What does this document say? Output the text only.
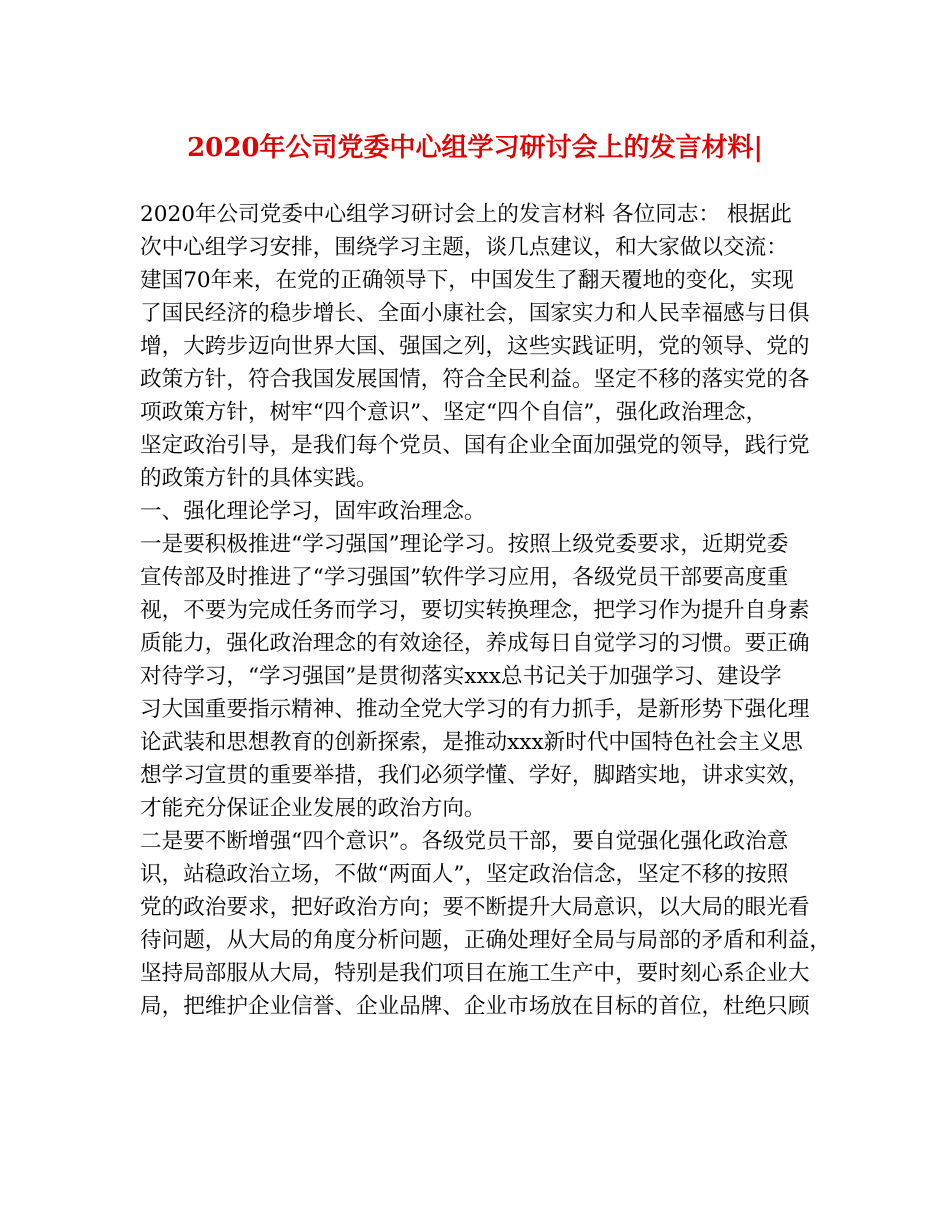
2020年公司党委中心组学习研讨会上的发言材料|
2020年公司党委中心组学习研讨会上的发言材料 各位同志： 根据此
次中心组学习安排，围绕学习主题，谈几点建议，和大家做以交流：
建国70年来，在党的正确领导下，中国发生了翻天覆地的变化，实现
了国民经济的稳步增长、全面小康社会，国家实力和人民幸福感与日俱
增，大跨步迈向世界大国、强国之列，这些实践证明，党的领导、党的
政策方针，符合我国发展国情，符合全民利益。坚定不移的落实党的各
项政策方针，树牢“四个意识”、坚定“四个自信”，强化政治理念，
坚定政治引导，是我们每个党员、国有企业全面加强党的领导，践行党
的政策方针的具体实践。
一、强化理论学习，固牢政治理念。
一是要积极推进“学习强国”理论学习。按照上级党委要求，近期党委
宣传部及时推进了“学习强国”软件学习应用，各级党员干部要高度重
视，不要为完成任务而学习，要切实转换理念，把学习作为提升自身素
质能力，强化政治理念的有效途径，养成每日自觉学习的习惯。要正确
对待学习，“学习强国”是贯彻落实xxx总书记关于加强学习、建设学
习大国重要指示精神、推动全党大学习的有力抓手，是新形势下强化理
论武装和思想教育的创新探索，是推动xxx新时代中国特色社会主义思
想学习宣贯的重要举措，我们必须学懂、学好，脚踏实地，讲求实效，
才能充分保证企业发展的政治方向。
二是要不断增强“四个意识”。各级党员干部，要自觉强化强化政治意
识，站稳政治立场，不做“两面人”，坚定政治信念，坚定不移的按照
党的政治要求，把好政治方向；要不断提升大局意识，以大局的眼光看
待问题，从大局的角度分析问题，正确处理好全局与局部的矛盾和利益，
坚持局部服从大局，特别是我们项目在施工生产中，要时刻心系企业大
局，把维护企业信誉、企业品牌、企业市场放在目标的首位，杜绝只顾
